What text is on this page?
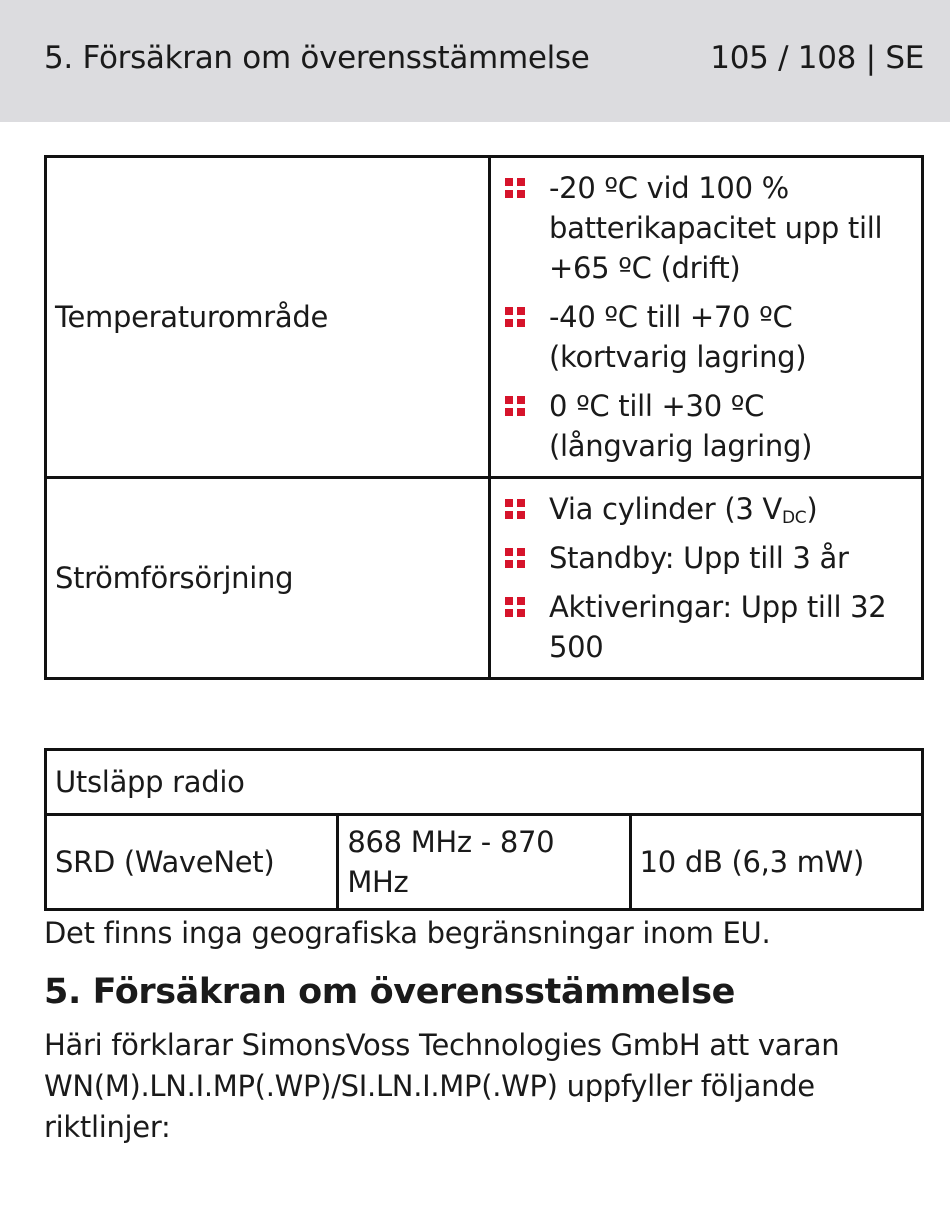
5. Försäkran om överensstämmelse	105 / 108 | SE
Temperaturområde	-20 ºC vid 100 % batterikapacitet upp till +65 ºC (drift)
-40 ºC till +70 ºC (kortvarig lagring)
0 ºC till +30 ºC (långvarig lagring)

Strömförsörjning	Via cylinder (3 $V_{DC}$)
Standby: Upp till 3 år
Aktiveringar: Upp till 32 500
Utsläpp radio
SRD (WaveNet)	868 MHz - 870 MHz	10 dB (6,3 mW)
Det finns inga geografiska begränsningar inom EU.
5. Försäkran om överensstämmelse
Häri förklarar SimonsVoss Technologies GmbH att varan WN(M).LN.I.MP(.WP)/SI.LN.I.MP(.WP) uppfyller följande riktlinjer:
